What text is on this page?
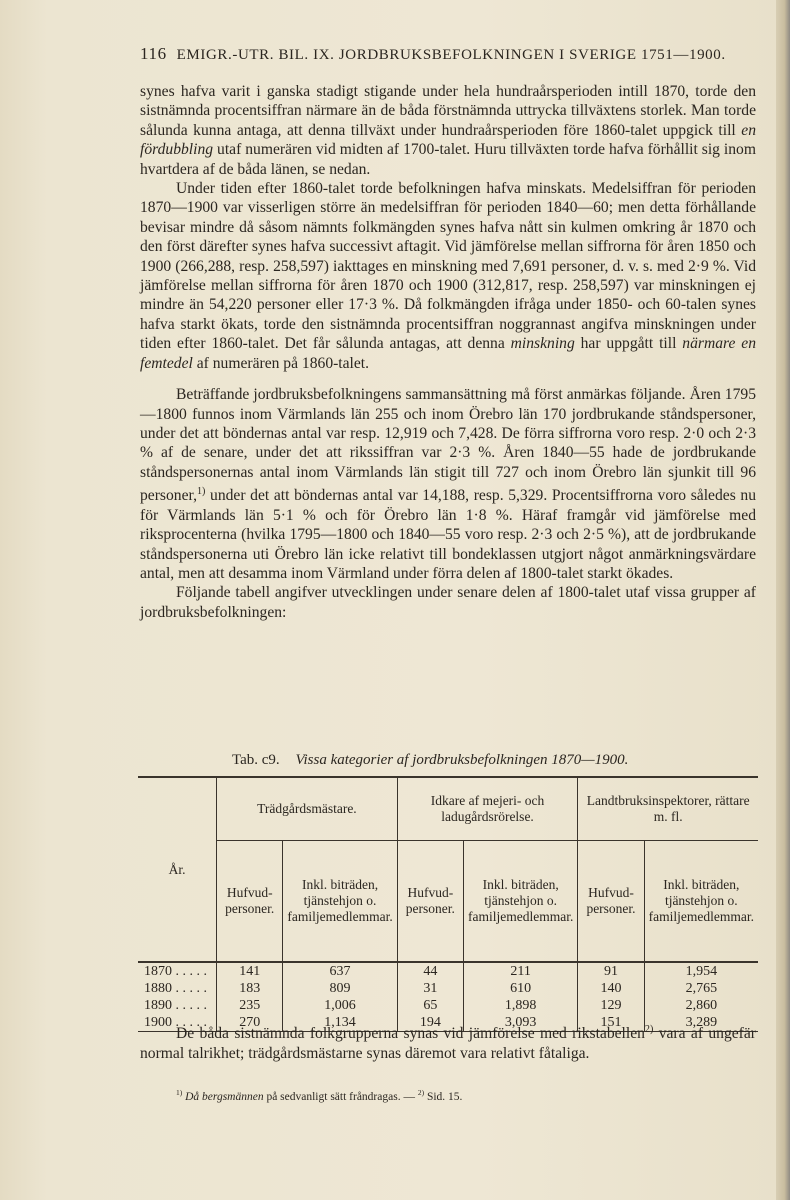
116 EMIGR.-UTR. BIL. IX. JORDBRUKSBEFOLKNINGEN I SVERIGE 1751—1900.

synes hafva varit i ganska stadigt stigande under hela hundraårsperioden intill 1870, torde den sistnämnda procentsiffran närmare än de båda förstnämnda uttrycka tillväxtens storlek. Man torde sålunda kunna antaga, att denna tillväxt under hundraårsperioden före 1860-talet uppgick till en fördubbling utaf numerären vid midten af 1700-talet. Huru tillväxten torde hafva förhållit sig inom hvartdera af de båda länen, se nedan.

Under tiden efter 1860-talet torde befolkningen hafva minskats. Medelsiffran för perioden 1870—1900 var visserligen större än medelsiffran för perioden 1840—60; men detta förhållande bevisar mindre då såsom nämnts folkmängden synes hafva nått sin kulmen omkring år 1870 och den först därefter synes hafva successivt aftagit. Vid jämförelse mellan siffrorna för åren 1850 och 1900 (266,288, resp. 258,597) iakttages en minskning med 7,691 personer, d. v. s. med 2·9 %. Vid jämförelse mellan siffrorna för åren 1870 och 1900 (312,817, resp. 258,597) var minskningen ej mindre än 54,220 personer eller 17·3 %. Då folkmängden ifråga under 1850- och 60-talen synes hafva starkt ökats, torde den sistnämnda procentsiffran noggrannast angifva minskningen under tiden efter 1860-talet. Det får sålunda antagas, att denna minskning har uppgått till närmare en femtedel af numerären på 1860-talet.

Beträffande jordbruksbefolkningens sammansättning må först anmärkas följande. Åren 1795—1800 funnos inom Värmlands län 255 och inom Örebro län 170 jordbrukande ståndspersoner, under det att böndernas antal var resp. 12,919 och 7,428. De förra siffrorna voro resp. 2·0 och 2·3 % af de senare, under det att rikssiffran var 2·3 %. Åren 1840—55 hade de jordbrukande ståndspersonernas antal inom Värmlands län stigit till 727 och inom Örebro län sjunkit till 96 personer,$^{1)}$ under det att böndernas antal var 14,188, resp. 5,329. Procentsiffrorna voro således nu för Värmlands län 5·1 % och för Örebro län 1·8 %. Häraf framgår vid jämförelse med riksprocenterna (hvilka 1795—1800 och 1840—55 voro resp. 2·3 och 2·5 %), att de jordbrukande ståndspersonerna uti Örebro län icke relativt till bondeklassen utgjort något anmärkningsvärdare antal, men att desamma inom Värmland under förra delen af 1800-talet starkt ökades.

Följande tabell angifver utvecklingen under senare delen af 1800-talet utaf vissa grupper af jordbruksbefolkningen:

Tab. c9. Vissa kategorier af jordbruksbefolkningen 1870—1900.
År.	Trädgårdsmästare.		Idkare af mejeri- och ladugårdsrörelse.		Landtbruksinspektorer, rättare m. fl.	
	Hufvud-personer.	Inkl. biträden, tjänstehjon o. familjemedlemmar.	Hufvud-personer.	Inkl. biträden, tjänstehjon o. familjemedlemmar.	Hufvud-personer.	Inkl. biträden, tjänstehjon o. familjemedlemmar.
1870 . . . . .	141	637	44	211	91	1,954
1880 . . . . .	183	809	31	610	140	2,765
1890 . . . . .	235	1,006	65	1,898	129	2,860
1900 . . . . .	270	1,134	194	3,093	151	3,289

De båda sistnämnda folkgrupperna synas vid jämförelse med rikstabellen$^{2)}$ vara af ungefär normal talrikhet; trädgårdsmästarne synas däremot vara relativt fåtaliga.

$^{1)}$ Då bergsmännen på sedvanligt sätt fråndragas. — $^{2)}$ Sid. 15.
